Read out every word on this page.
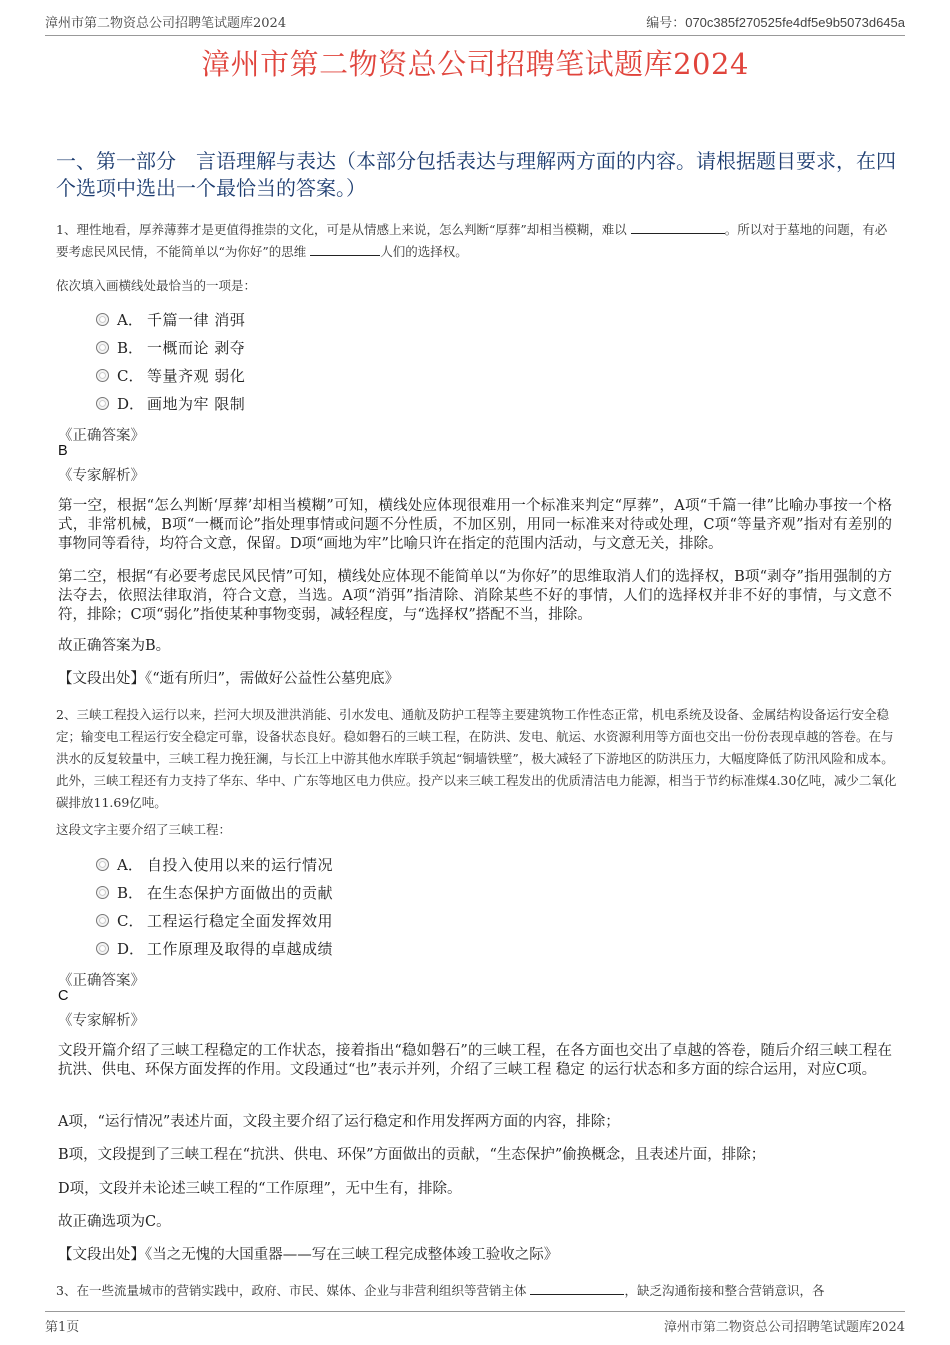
漳州市第二物资总公司招聘笔试题库2024	编号：070c385f270525fe4df5e9b5073d645a
漳州市第二物资总公司招聘笔试题库2024
一、第一部分　言语理解与表达（本部分包括表达与理解两方面的内容。请根据题目要求，在四个选项中选出一个最恰当的答案。）
1、理性地看，厚养薄葬才是更值得推崇的文化，可是从情感上来说，怎么判断“厚葬”却相当模糊，难以	。所以对于墓地的问题，有必要考虑民风民情，不能简单以“为你好”的思维	人们的选择权。
依次填入画横线处最恰当的一项是：
A． 千篇一律 消弭
B． 一概而论 剥夺
C． 等量齐观 弱化
D． 画地为牢 限制
《正确答案》
B
《专家解析》
第一空，根据“怎么判断‘厚葬’却相当模糊”可知，横线处应体现很难用一个标准来判定“厚葬”，A项“千篇一律”比喻办事按一个格式，非常机械，B项“一概而论”指处理事情或问题不分性质，不加区别，用同一标准来对待或处理，C项“等量齐观”指对有差别的事物同等看待，均符合文意，保留。D项“画地为牢”比喻只许在指定的范围内活动，与文意无关，排除。
第二空，根据“有必要考虑民风民情”可知，横线处应体现不能简单以“为你好”的思维取消人们的选择权，B项“剥夺”指用强制的方法夺去，依照法律取消，符合文意，当选。A项“消弭”指清除、消除某些不好的事情，人们的选择权并非不好的事情，与文意不符，排除；C项“弱化”指使某种事物变弱，减轻程度，与“选择权”搭配不当，排除。
故正确答案为B。
【文段出处】《“逝有所归”，需做好公益性公墓兜底》
2、三峡工程投入运行以来，拦河大坝及泄洪消能、引水发电、通航及防护工程等主要建筑物工作性态正常，机电系统及设备、金属结构设备运行安全稳定；输变电工程运行安全稳定可靠，设备状态良好。稳如磐石的三峡工程，在防洪、发电、航运、水资源利用等方面也交出一份份表现卓越的答卷。在与洪水的反复较量中，三峡工程力挽狂澜，与长江上中游其他水库联手筑起“铜墙铁壁”，极大减轻了下游地区的防洪压力，大幅度降低了防汛风险和成本。此外，三峡工程还有力支持了华东、华中、广东等地区电力供应。投产以来三峡工程发出的优质清洁电力能源，相当于节约标准煤4.30亿吨，减少二氧化碳排放11.69亿吨。
这段文字主要介绍了三峡工程：
A． 自投入使用以来的运行情况
B． 在生态保护方面做出的贡献
C． 工程运行稳定全面发挥效用
D． 工作原理及取得的卓越成绩
《正确答案》
C
《专家解析》
文段开篇介绍了三峡工程稳定的工作状态，接着指出“稳如磐石”的三峡工程，在各方面也交出了卓越的答卷，随后介绍三峡工程在抗洪、供电、环保方面发挥的作用。文段通过“也”表示并列，介绍了三峡工程 稳定 的运行状态和多方面的综合运用，对应C项。
A项，“运行情况”表述片面，文段主要介绍了运行稳定和作用发挥两方面的内容，排除；
B项，文段提到了三峡工程在“抗洪、供电、环保”方面做出的贡献，“生态保护”偷换概念，且表述片面，排除；
D项，文段并未论述三峡工程的“工作原理”，无中生有，排除。
故正确选项为C。
【文段出处】《当之无愧的大国重器——写在三峡工程完成整体竣工验收之际》
3、在一些流量城市的营销实践中，政府、市民、媒体、企业与非营利组织等营销主体	，缺乏沟通衔接和整合营销意识，各
第1页	漳州市第二物资总公司招聘笔试题库2024
